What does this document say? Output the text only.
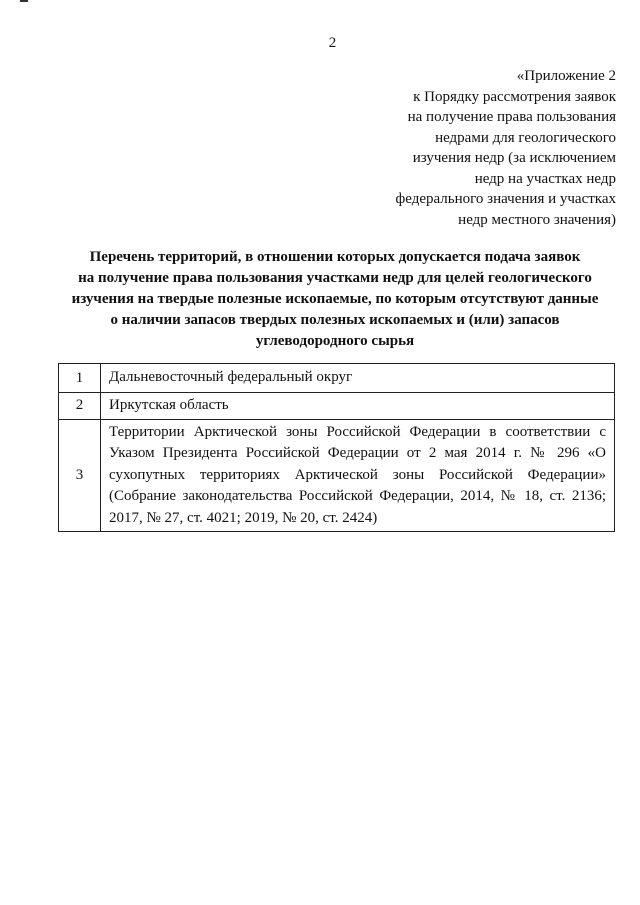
2
«Приложение 2
к Порядку рассмотрения заявок
на получение права пользования
недрами для геологического
изучения недр (за исключением
недр на участках недр
федерального значения и участках
недр местного значения)
Перечень территорий, в отношении которых допускается подача заявок
на получение права пользования участками недр для целей геологического
изучения на твердые полезные ископаемые, по которым отсутствуют данные
о наличии запасов твердых полезных ископаемых и (или) запасов
углеводородного сырья
1	Дальневосточный федеральный округ
2	Иркутская область
3	Территории Арктической зоны Российской Федерации в соответствии с Указом Президента Российской Федерации от 2 мая 2014 г. № 296 «О сухопутных территориях Арктической зоны Российской Федерации» (Собрание законодательства Российской Федерации, 2014, № 18, ст. 2136; 2017, № 27, ст. 4021; 2019, № 20, ст. 2424)
